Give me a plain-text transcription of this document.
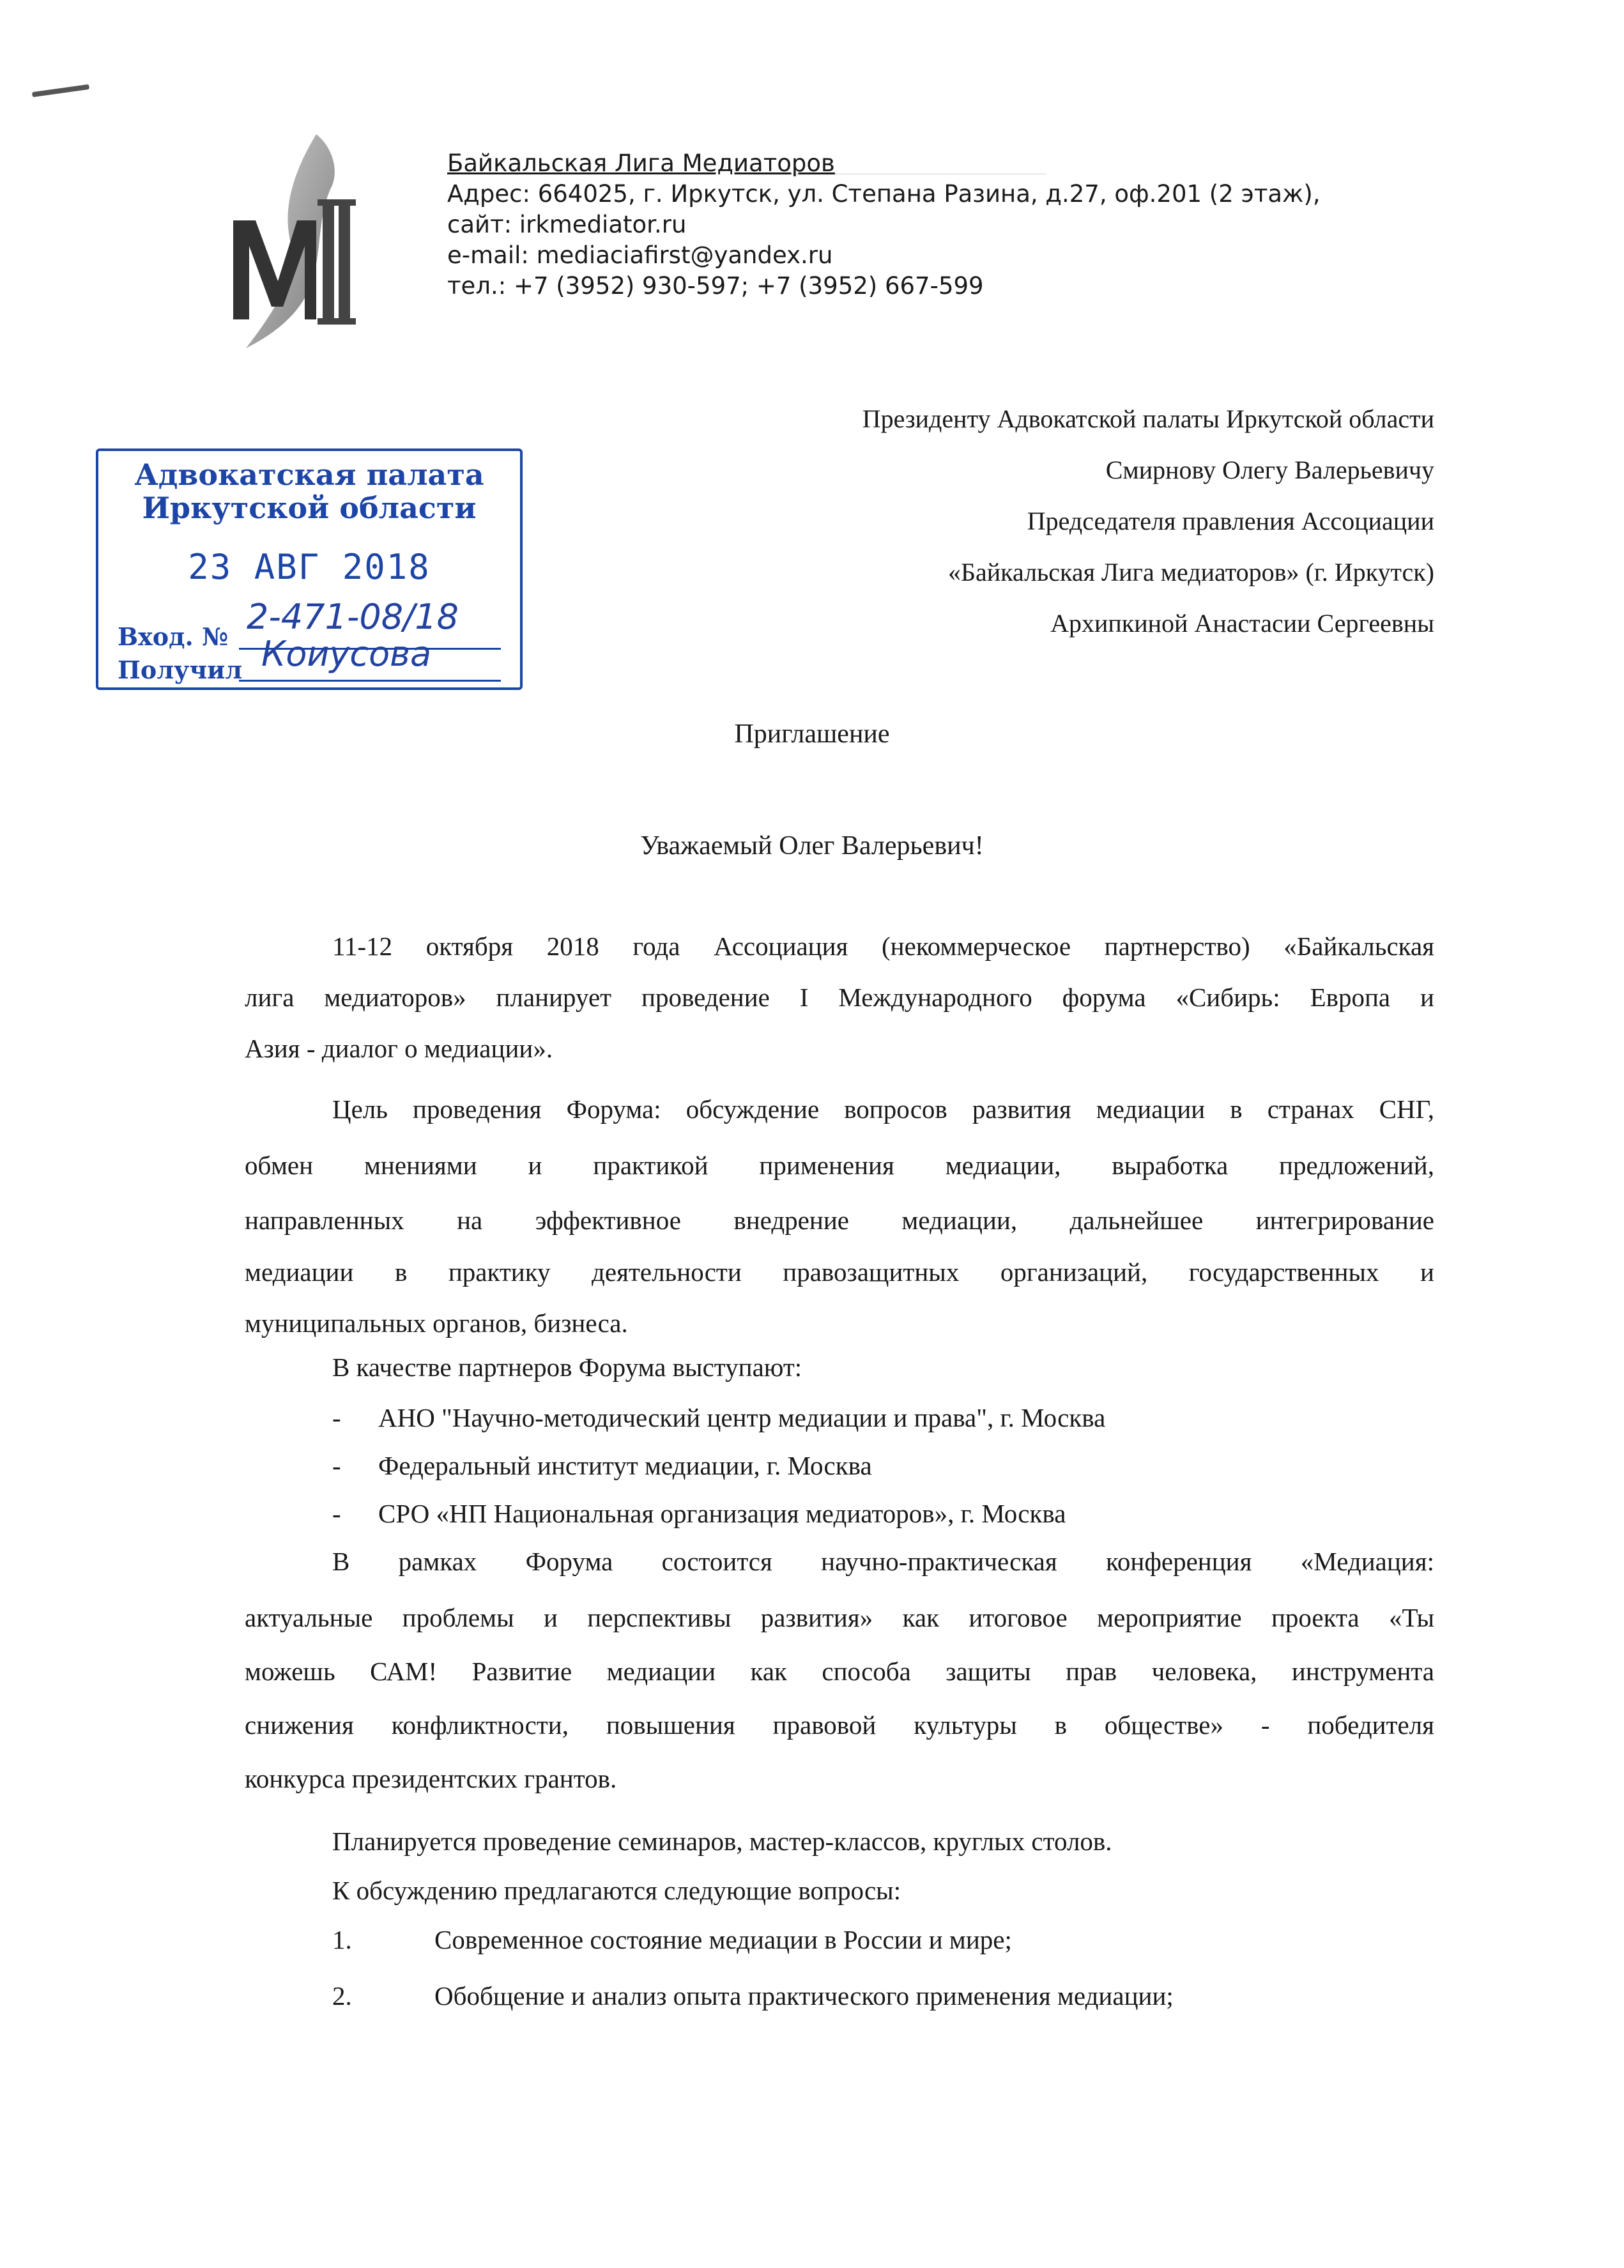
─────────────────
Байкальская Лига Медиаторов
Адрес: 664025, г. Иркутск, ул. Степана Разина, д.27, оф.201 (2 этаж),
сайт: irkmediator.ru
e-mail: mediaciafirst@yandex.ru
тел.: +7 (3952) 930-597; +7 (3952) 667-599
Президенту Адвокатской палаты Иркутской области
Смирнову Олегу Валерьевичу
Председателя правления Ассоциации
«Байкальская Лига медиаторов» (г. Иркутск)
Архипкиной Анастасии Сергеевны
Адвокатская палата
Иркутской области
23 АВГ 2018
Вход. № 2-471-08/18
Получил Коиусова
Приглашение
Уважаемый Олег Валерьевич!
11-12 октября 2018 года Ассоциация (некоммерческое партнерство) «Байкальская
лига медиаторов» планирует проведение I Международного форума «Сибирь: Европа и
Азия - диалог о медиации».
Цель проведения Форума: обсуждение вопросов развития медиации в странах СНГ,
обмен мнениями и практикой применения медиации, выработка предложений,
направленных на эффективное внедрение медиации, дальнейшее интегрирование
медиации в практику деятельности правозащитных организаций, государственных и
муниципальных органов, бизнеса.
В качестве партнеров Форума выступают:
- АНО "Научно-методический центр медиации и права", г. Москва
- Федеральный институт медиации, г. Москва
- СРО «НП Национальная организация медиаторов», г. Москва
В рамках Форума состоится научно-практическая конференция «Медиация:
актуальные проблемы и перспективы развития» как итоговое мероприятие проекта «Ты
можешь САМ! Развитие медиации как способа защиты прав человека, инструмента
снижения конфликтности, повышения правовой культуры в обществе» - победителя
конкурса президентских грантов.
Планируется проведение семинаров, мастер-классов, круглых столов.
К обсуждению предлагаются следующие вопросы:
1.	Современное состояние медиации в России и мире;
2.	Обобщение и анализ опыта практического применения медиации;
